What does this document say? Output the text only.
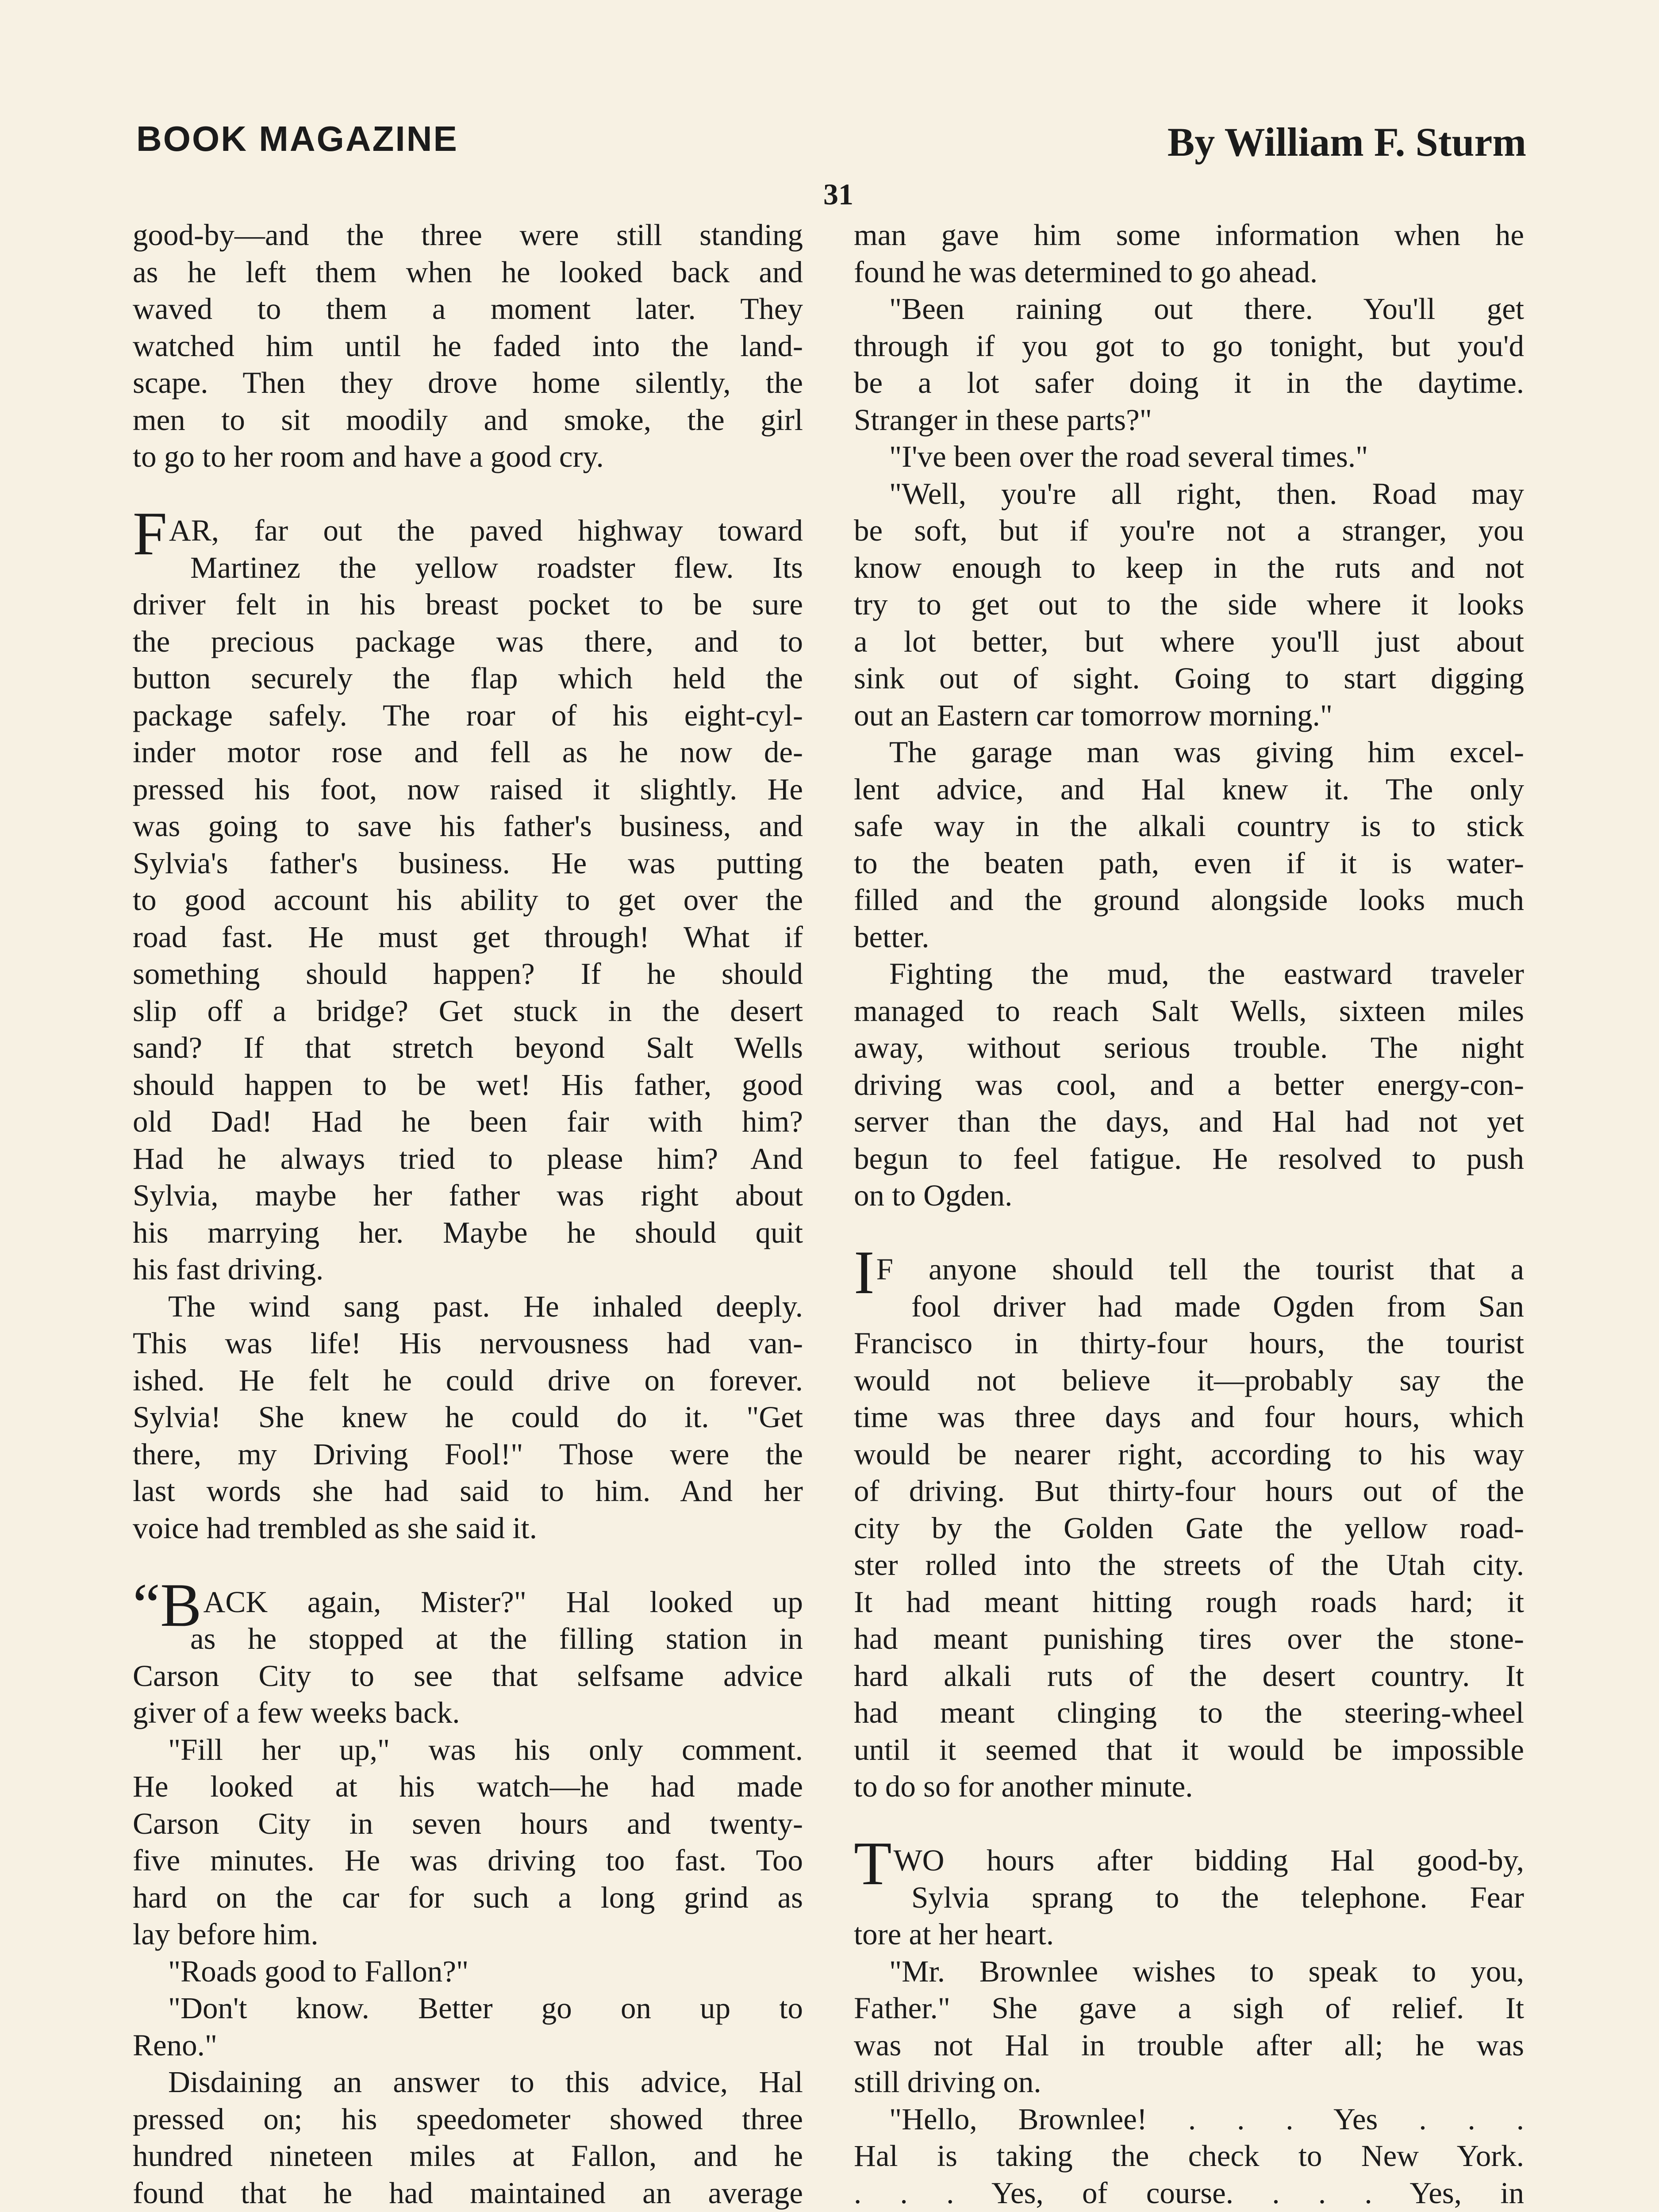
BOOK MAGAZINE	By William F. Sturm
31
good-by—and the three were still standing
as he left them when he looked back and
waved to them a moment later. They
watched him until he faded into the land-
scape. Then they drove home silently, the
men to sit moodily and smoke, the girl
to go to her room and have a good cry.
FAR, far out the paved highway toward
Martinez the yellow roadster flew. Its
driver felt in his breast pocket to be sure
the precious package was there, and to
button securely the flap which held the
package safely. The roar of his eight-cyl-
inder motor rose and fell as he now de-
pressed his foot, now raised it slightly. He
was going to save his father's business, and
Sylvia's father's business. He was putting
to good account his ability to get over the
road fast. He must get through! What if
something should happen? If he should
slip off a bridge? Get stuck in the desert
sand? If that stretch beyond Salt Wells
should happen to be wet! His father, good
old Dad! Had he been fair with him?
Had he always tried to please him? And
Sylvia, maybe her father was right about
his marrying her. Maybe he should quit
his fast driving.
The wind sang past. He inhaled deeply.
This was life! His nervousness had van-
ished. He felt he could drive on forever.
Sylvia! She knew he could do it. "Get
there, my Driving Fool!" Those were the
last words she had said to him. And her
voice had trembled as she said it.
“BACK again, Mister?" Hal looked up
as he stopped at the filling station in
Carson City to see that selfsame advice
giver of a few weeks back.
"Fill her up," was his only comment.
He looked at his watch—he had made
Carson City in seven hours and twenty-
five minutes. He was driving too fast. Too
hard on the car for such a long grind as
lay before him.
"Roads good to Fallon?"
"Don't know. Better go on up to
Reno."
Disdaining an answer to this advice, Hal
pressed on; his speedometer showed three
hundred nineteen miles at Fallon, and he
found that he had maintained an average
man gave him some information when he
found he was determined to go ahead.
"Been raining out there. You'll get
through if you got to go tonight, but you'd
be a lot safer doing it in the daytime.
Stranger in these parts?"
"I've been over the road several times."
"Well, you're all right, then. Road may
be soft, but if you're not a stranger, you
know enough to keep in the ruts and not
try to get out to the side where it looks
a lot better, but where you'll just about
sink out of sight. Going to start digging
out an Eastern car tomorrow morning."
The garage man was giving him excel-
lent advice, and Hal knew it. The only
safe way in the alkali country is to stick
to the beaten path, even if it is water-
filled and the ground alongside looks much
better.
Fighting the mud, the eastward traveler
managed to reach Salt Wells, sixteen miles
away, without serious trouble. The night
driving was cool, and a better energy-con-
server than the days, and Hal had not yet
begun to feel fatigue. He resolved to push
on to Ogden.
IF anyone should tell the tourist that a
fool driver had made Ogden from San
Francisco in thirty-four hours, the tourist
would not believe it—probably say the
time was three days and four hours, which
would be nearer right, according to his way
of driving. But thirty-four hours out of the
city by the Golden Gate the yellow road-
ster rolled into the streets of the Utah city.
It had meant hitting rough roads hard; it
had meant punishing tires over the stone-
hard alkali ruts of the desert country. It
had meant clinging to the steering-wheel
until it seemed that it would be impossible
to do so for another minute.
TWO hours after bidding Hal good-by,
Sylvia sprang to the telephone. Fear
tore at her heart.
"Mr. Brownlee wishes to speak to you,
Father." She gave a sigh of relief. It
was not Hal in trouble after all; he was
still driving on.
"Hello, Brownlee! . . . Yes . . .
Hal is taking the check to New York.
. . . Yes, of course. . . . Yes, in
